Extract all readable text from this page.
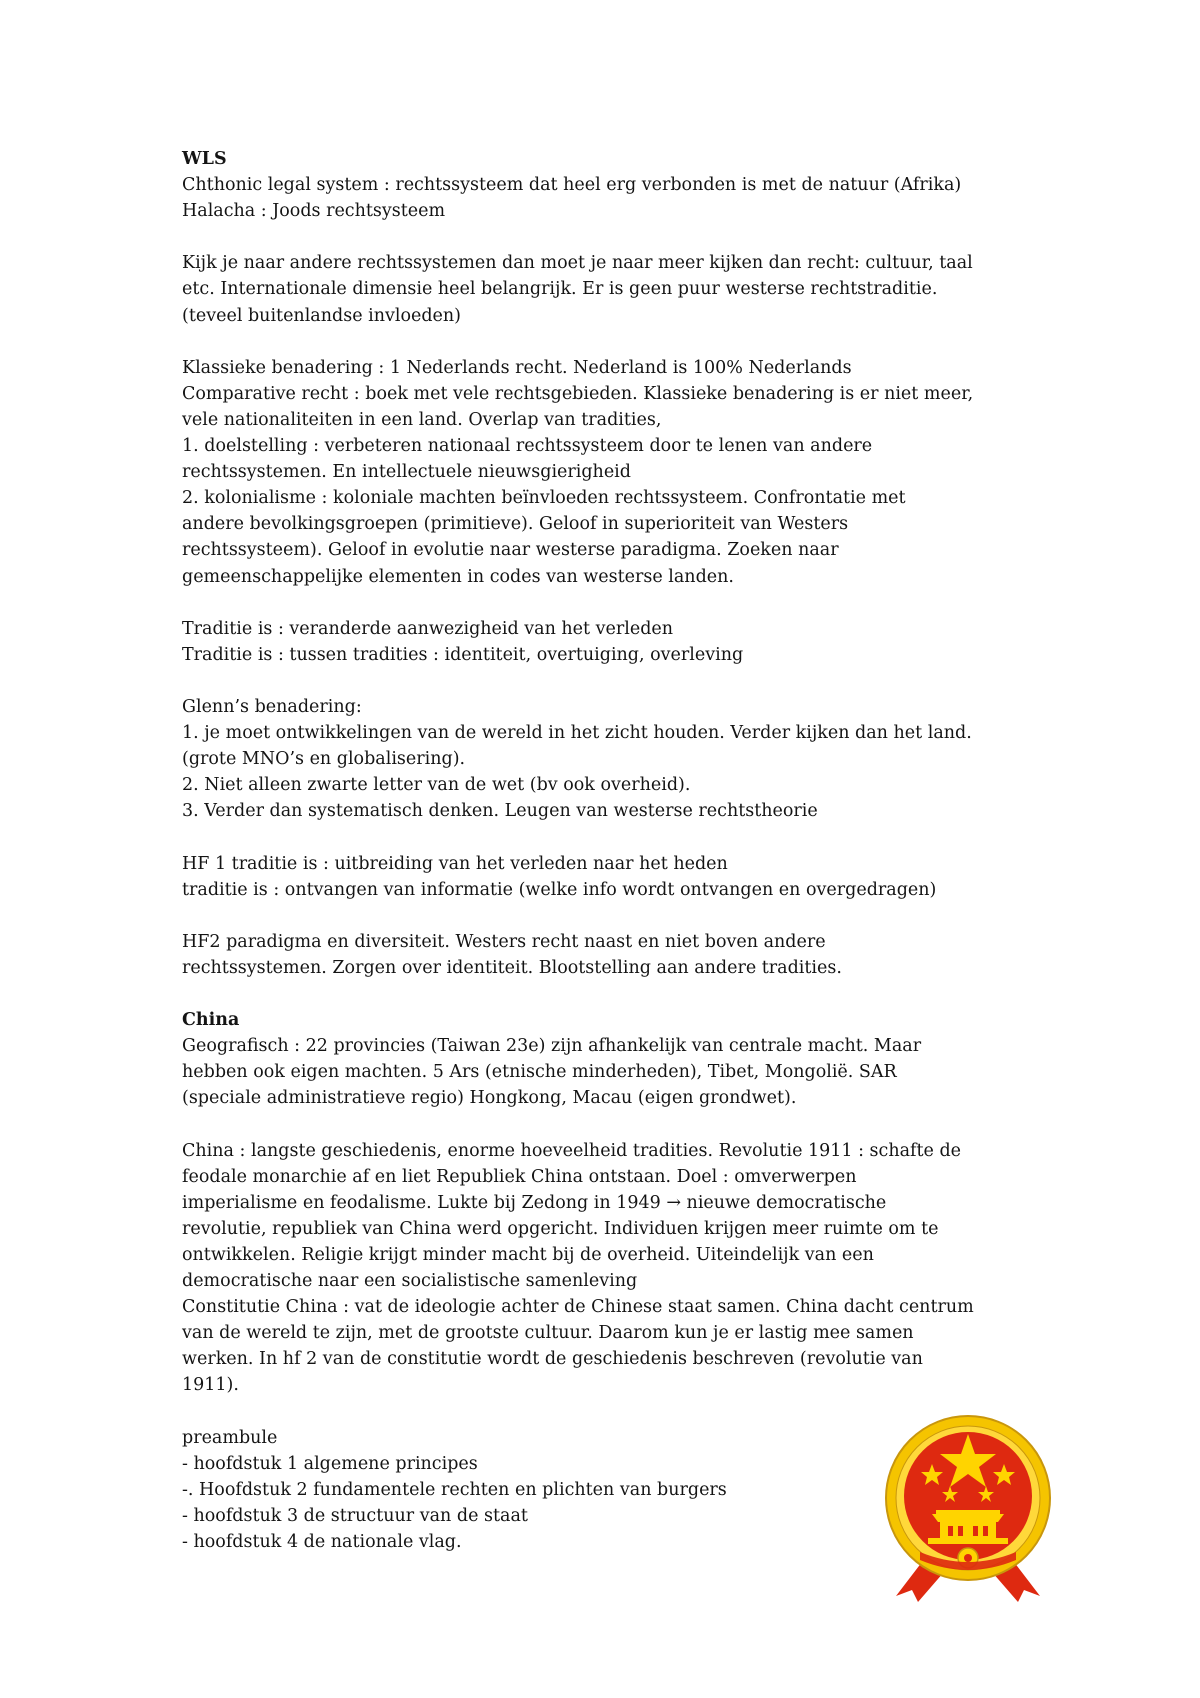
WLS

Chthonic legal system : rechtssysteem dat heel erg verbonden is met de natuur (Afrika)

Halacha : Joods rechtsysteem

Kijk je naar andere rechtssystemen dan moet je naar meer kijken dan recht: cultuur, taal

etc. Internationale dimensie heel belangrijk. Er is geen puur westerse rechtstraditie.

(teveel buitenlandse invloeden)

Klassieke benadering : 1 Nederlands recht. Nederland is 100% Nederlands

Comparative recht : boek met vele rechtsgebieden. Klassieke benadering is er niet meer,

vele nationaliteiten in een land. Overlap van tradities,

1. doelstelling : verbeteren nationaal rechtssysteem door te lenen van andere

rechtssystemen. En intellectuele nieuwsgierigheid

2. kolonialisme : koloniale machten beïnvloeden rechtssysteem. Confrontatie met

andere bevolkingsgroepen (primitieve). Geloof in superioriteit van Westers

rechtssysteem). Geloof in evolutie naar westerse paradigma. Zoeken naar

gemeenschappelijke elementen in codes van westerse landen.

Traditie is : veranderde aanwezigheid van het verleden

Traditie is : tussen tradities : identiteit, overtuiging, overleving

Glenn’s benadering:

1. je moet ontwikkelingen van de wereld in het zicht houden. Verder kijken dan het land.

(grote MNO’s en globalisering).

2. Niet alleen zwarte letter van de wet (bv ook overheid).

3. Verder dan systematisch denken. Leugen van westerse rechtstheorie

HF 1 traditie is : uitbreiding van het verleden naar het heden

traditie is : ontvangen van informatie (welke info wordt ontvangen en overgedragen)

HF2 paradigma en diversiteit. Westers recht naast en niet boven andere

rechtssystemen. Zorgen over identiteit. Blootstelling aan andere tradities.

China

Geografisch : 22 provincies (Taiwan 23e) zijn afhankelijk van centrale macht. Maar

hebben ook eigen machten. 5 Ars (etnische minderheden), Tibet, Mongolië. SAR

(speciale administratieve regio) Hongkong, Macau (eigen grondwet).

China : langste geschiedenis, enorme hoeveelheid tradities. Revolutie 1911 : schafte de

feodale monarchie af en liet Republiek China ontstaan. Doel : omverwerpen

imperialisme en feodalisme. Lukte bij Zedong in 1949 → nieuwe democratische

revolutie, republiek van China werd opgericht. Individuen krijgen meer ruimte om te

ontwikkelen. Religie krijgt minder macht bij de overheid. Uiteindelijk van een

democratische naar een socialistische samenleving

Constitutie China : vat de ideologie achter de Chinese staat samen. China dacht centrum

van de wereld te zijn, met de grootste cultuur. Daarom kun je er lastig mee samen

werken. In hf 2 van de constitutie wordt de geschiedenis beschreven (revolutie van

1911).

preambule

- hoofdstuk 1 algemene principes

-. Hoofdstuk 2 fundamentele rechten en plichten van burgers

- hoofdstuk 3 de structuur van de staat

- hoofdstuk 4 de nationale vlag.
